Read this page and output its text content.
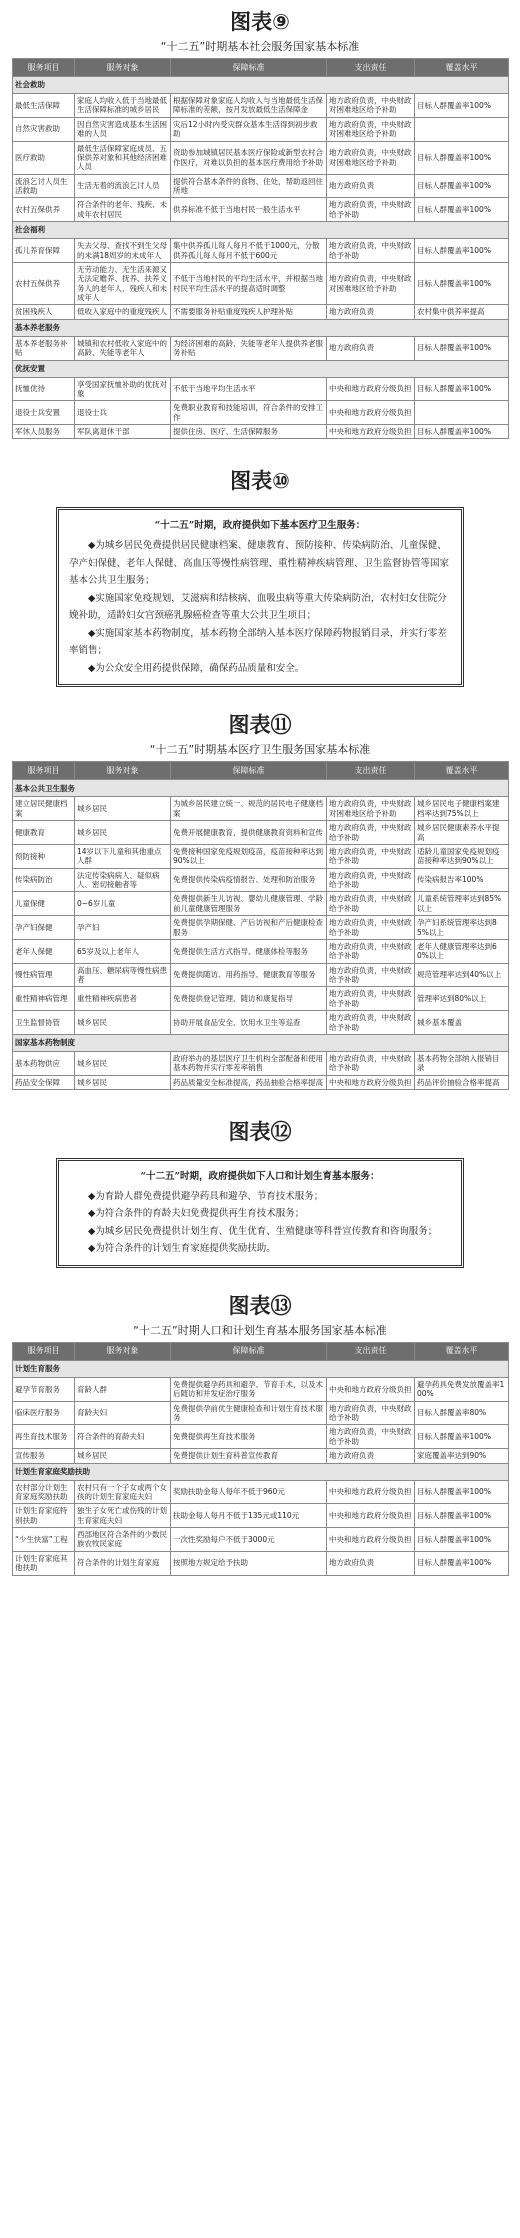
图表⑨
“十二五”时期基本社会服务国家基本标准
服务项目	服务对象	保障标准	支出责任	覆盖水平
社会救助				
最低生活保障	家庭人均收入低于当地最低生活保障标准的城乡居民	根据保障对象家庭人均收入与当地最低生活保障标准的差额，按月发放最低生活保障金	地方政府负责，中央财政对困难地区给予补助	目标人群覆盖率100%
自然灾害救助	因自然灾害造成基本生活困难的人员	灾后12小时内受灾群众基本生活得到初步救助	地方政府负责，中央财政对困难地区给予补助	
医疗救助	最低生活保障家庭成员、五保供养对象和其他经济困难人员	资助参加城镇居民基本医疗保险或新型农村合作医疗，对难以负担的基本医疗费用给予补助	地方政府负责，中央财政对困难地区给予补助	目标人群覆盖率100%
流浪乞讨人员生活救助	生活无着的流浪乞讨人员	提供符合基本条件的食物、住处，帮助返回住所地	地方政府负责	目标人群覆盖率100%
农村五保供养	符合条件的老年、残疾、未成年农村居民	供养标准不低于当地村民一般生活水平	地方政府负责，中央财政给予补助	目标人群覆盖率100%
社会福利				
孤儿养育保障	失去父母、查找不到生父母的未满18周岁的未成年人	集中供养孤儿每人每月不低于1000元，分散供养孤儿每人每月不低于600元	地方政府负责，中央财政给予补助	目标人群覆盖率100%
农村五保供养	无劳动能力、无生活来源又无法定赡养、抚养、扶养义务人的老年人、残疾人和未成年人	不低于当地村民的平均生活水平，并根据当地村民平均生活水平的提高适时调整	地方政府负责，中央财政对困难地区给予补助	目标人群覆盖率100%
贫困残疾人	低收入家庭中的重度残疾人	不需要服务补贴重度残疾人护理补贴	地方政府负责	农村集中供养率提高
基本养老服务				
基本养老服务补贴	城镇和农村低收入家庭中的高龄、失能等老年人	为经济困难的高龄、失能等老年人提供养老服务补贴	地方政府负责	目标人群覆盖率100%
优抚安置				
抚恤优待	享受国家抚恤补助的优抚对象	不低于当地平均生活水平	中央和地方政府分级负担	目标人群覆盖率100%
退役士兵安置	退役士兵	免费职业教育和技能培训，符合条件的安排工作	中央和地方政府分级负担	
军休人员服务	军队离退休干部	提供住房、医疗、生活保障服务	中央和地方政府分级负担	目标人群覆盖率100%
图表⑩
“十二五”时期，政府提供如下基本医疗卫生服务：
◆为城乡居民免费提供居民健康档案、健康教育、预防接种、传染病防治、儿童保健、孕产妇保健、老年人保健、高血压等慢性病管理、重性精神疾病管理、卫生监督协管等国家基本公共卫生服务；
◆实施国家免疫规划，艾滋病和结核病、血吸虫病等重大传染病防治，农村妇女住院分娩补助，适龄妇女宫颈癌乳腺癌检查等重大公共卫生项目；
◆实施国家基本药物制度，基本药物全部纳入基本医疗保障药物报销目录，并实行零差率销售；
◆为公众安全用药提供保障，确保药品质量和安全。
图表⑪
“十二五”时期基本医疗卫生服务国家基本标准
服务项目	服务对象	保障标准	支出责任	覆盖水平
基本公共卫生服务				
建立居民健康档案	城乡居民	为城乡居民建立统一、规范的居民电子健康档案	地方政府负责，中央财政对困难地区给予补助	城乡居民电子健康档案建档率达到75%以上
健康教育	城乡居民	免费开展健康教育，提供健康教育资料和宣传	地方政府负责，中央财政给予补助	城乡居民健康素养水平提高
预防接种	14岁以下儿童和其他重点人群	免费接种国家免疫规划疫苗，疫苗接种率达到90%以上	地方政府负责，中央财政给予补助	适龄儿童国家免疫规划疫苗接种率达到90%以上
传染病防治	法定传染病病人、疑似病人、密切接触者等	免费提供传染病疫情报告、处理和防治服务	地方政府负责，中央财政给予补助	传染病报告率100%
儿童保健	0~6岁儿童	免费提供新生儿访视、婴幼儿健康管理、学龄前儿童健康管理服务	地方政府负责，中央财政给予补助	儿童系统管理率达到85%以上
孕产妇保健	孕产妇	免费提供孕期保健、产后访视和产后健康检查服务	地方政府负责，中央财政给予补助	孕产妇系统管理率达到85%以上
老年人保健	65岁及以上老年人	免费提供生活方式指导、健康体检等服务	地方政府负责，中央财政给予补助	老年人健康管理率达到60%以上
慢性病管理	高血压、糖尿病等慢性病患者	免费提供随访、用药指导、健康教育等服务	地方政府负责，中央财政给予补助	规范管理率达到40%以上
重性精神病管理	重性精神疾病患者	免费提供登记管理、随访和康复指导	地方政府负责，中央财政给予补助	管理率达到80%以上
卫生监督协管	城乡居民	协助开展食品安全、饮用水卫生等巡查	地方政府负责，中央财政给予补助	城乡基本覆盖
国家基本药物制度				
基本药物供应	城乡居民	政府举办的基层医疗卫生机构全部配备和使用基本药物并实行零差率销售	地方政府负责，中央财政给予补助	基本药物全部纳入报销目录
药品安全保障	城乡居民	药品质量安全标准提高，药品抽验合格率提高	中央和地方政府分级负担	药品评价抽验合格率提高
图表⑫
“十二五”时期，政府提供如下人口和计划生育基本服务：
◆为育龄人群免费提供避孕药具和避孕、节育技术服务；
◆为符合条件的育龄夫妇免费提供再生育技术服务；
◆为城乡居民免费提供计划生育、优生优育、生殖健康等科普宣传教育和咨询服务；
◆为符合条件的计划生育家庭提供奖励扶助。
图表⑬
“十二五”时期人口和计划生育基本服务国家基本标准
服务项目	服务对象	保障标准	支出责任	覆盖水平
计划生育服务				
避孕节育服务	育龄人群	免费提供避孕药具和避孕、节育手术，以及术后随访和并发症治疗服务	中央和地方政府分级负担	避孕药具免费发放覆盖率100%
临床医疗服务	育龄夫妇	免费提供孕前优生健康检查和计划生育技术服务	地方政府负责，中央财政给予补助	目标人群覆盖率80%
再生育技术服务	符合条件的育龄夫妇	免费提供再生育技术服务	地方政府负责，中央财政给予补助	目标人群覆盖率100%
宣传服务	城乡居民	免费提供计划生育科普宣传教育	地方政府负责	家庭覆盖率达到90%
计划生育家庭奖励扶助				
农村部分计划生育家庭奖励扶助	农村只有一个子女或两个女孩的计划生育家庭夫妇	奖励扶助金每人每年不低于960元	中央和地方政府分级负担	目标人群覆盖率100%
计划生育家庭特别扶助	独生子女死亡或伤残的计划生育家庭夫妇	扶助金每人每月不低于135元或110元	中央和地方政府分级负担	目标人群覆盖率100%
“少生快富”工程	西部地区符合条件的少数民族农牧民家庭	一次性奖励每户不低于3000元	中央和地方政府分级负担	目标人群覆盖率100%
计划生育家庭其他扶助	符合条件的计划生育家庭	按照地方规定给予扶助	地方政府负责	目标人群覆盖率100%
